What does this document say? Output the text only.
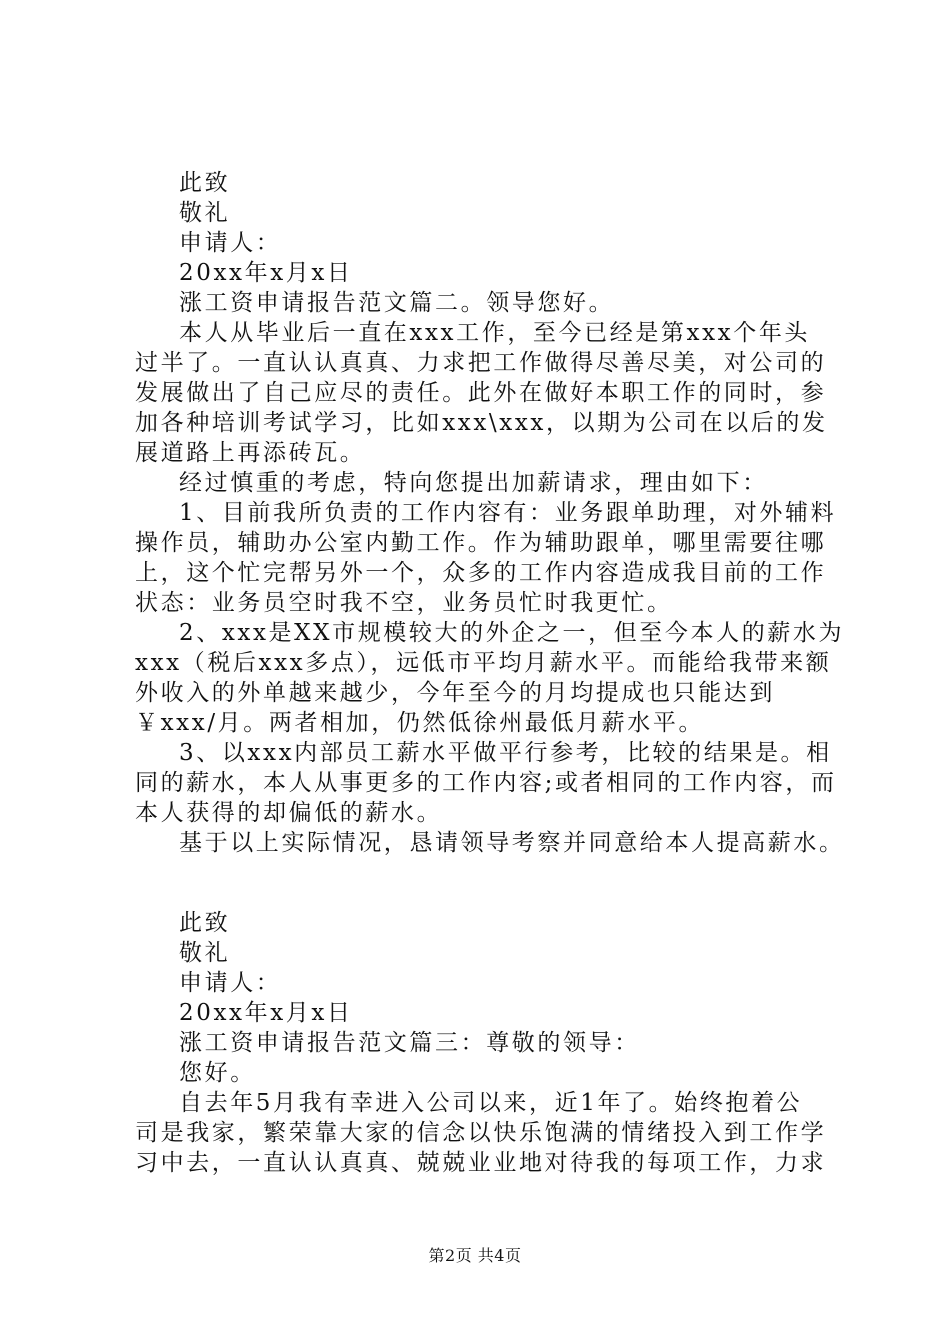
此致
敬礼
申请人：
20xx年x月x日
涨工资申请报告范文篇二。领导您好。
本人从毕业后一直在xxx工作，至今已经是第xxx个年头
过半了。一直认认真真、力求把工作做得尽善尽美，对公司的
发展做出了自己应尽的责任。此外在做好本职工作的同时，参
加各种培训考试学习，比如xxx\xxx，以期为公司在以后的发
展道路上再添砖瓦。
经过慎重的考虑，特向您提出加薪请求，理由如下：
1、目前我所负责的工作内容有：业务跟单助理，对外辅料
操作员，辅助办公室内勤工作。作为辅助跟单，哪里需要往哪
上，这个忙完帮另外一个，众多的工作内容造成我目前的工作
状态：业务员空时我不空，业务员忙时我更忙。
2、xxx是XX市规模较大的外企之一，但至今本人的薪水为
xxx（税后xxx多点），远低市平均月薪水平。而能给我带来额
外收入的外单越来越少，今年至今的月均提成也只能达到
￥xxx/月。两者相加，仍然低徐州最低月薪水平。
3、以xxx内部员工薪水平做平行参考，比较的结果是。相
同的薪水，本人从事更多的工作内容;或者相同的工作内容，而
本人获得的却偏低的薪水。
基于以上实际情况，恳请领导考察并同意给本人提高薪水。
此致
敬礼
申请人：
20xx年x月x日
涨工资申请报告范文篇三：尊敬的领导：
您好。
自去年5月我有幸进入公司以来，近1年了。始终抱着公
司是我家，繁荣靠大家的信念以快乐饱满的情绪投入到工作学
习中去，一直认认真真、兢兢业业地对待我的每项工作，力求
第2页 共4页
